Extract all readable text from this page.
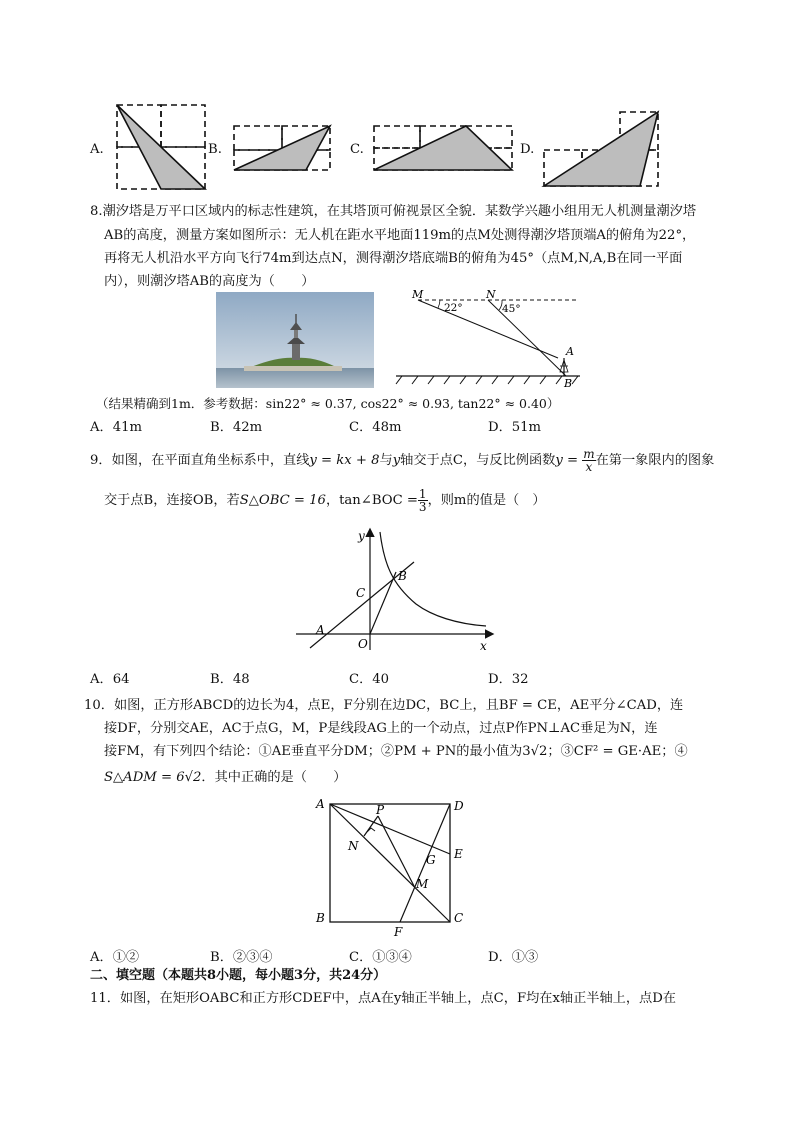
A.	B.	C.	D.
8.潮汐塔是万平口区域内的标志性建筑，在其塔顶可俯视景区全貌．某数学兴趣小组用无人机测量潮汐塔
AB的高度，测量方案如图所示：无人机在距水平地面119m的点M处测得潮汐塔顶端A的俯角为22°，
再将无人机沿水平方向飞行74m到达点N，测得潮汐塔底端B的俯角为45°（点M,N,A,B在同一平面
内），则潮汐塔AB的高度为（　　）
M	N
22°	45°
A
B
（结果精确到1m．参考数据：sin22° ≈ 0.37, cos22° ≈ 0.93, tan22° ≈ 0.40）
A．41m	B．42m	C．48m	D．51m
9．如图，在平面直角坐标系中，直线y = kx + 8与y轴交于点C，与反比例函数$y = \frac{m}{x}$ 在第一象限内的图象
交于点B，连接OB，若S△OBC = 16，tan∠BOC = $\frac{1}{3}$ ，则m的值是（　）
y
x
O
A
B
C
A．64	B．48	C．40	D．32
10．如图，正方形ABCD的边长为4，点E，F分别在边DC，BC上，且BF = CE，AE平分∠CAD，连
接DF，分别交AE，AC于点G，M，P是线段AG上的一个动点，过点P作PN⊥AC垂足为N，连
接FM，有下列四个结论：①AE垂直平分DM；②PM + PN的最小值为3√2；③CF² = GE·AE；④
S△ADM = 6√2．其中正确的是（　　）
A	D
B	C
E
F
G
M
N
P
A．①②	B．②③④	C．①③④	D．①③
二、填空题（本题共8小题，每小题3分，共24分）
11．如图，在矩形OABC和正方形CDEF中，点A在y轴正半轴上，点C，F均在x轴正半轴上，点D在
